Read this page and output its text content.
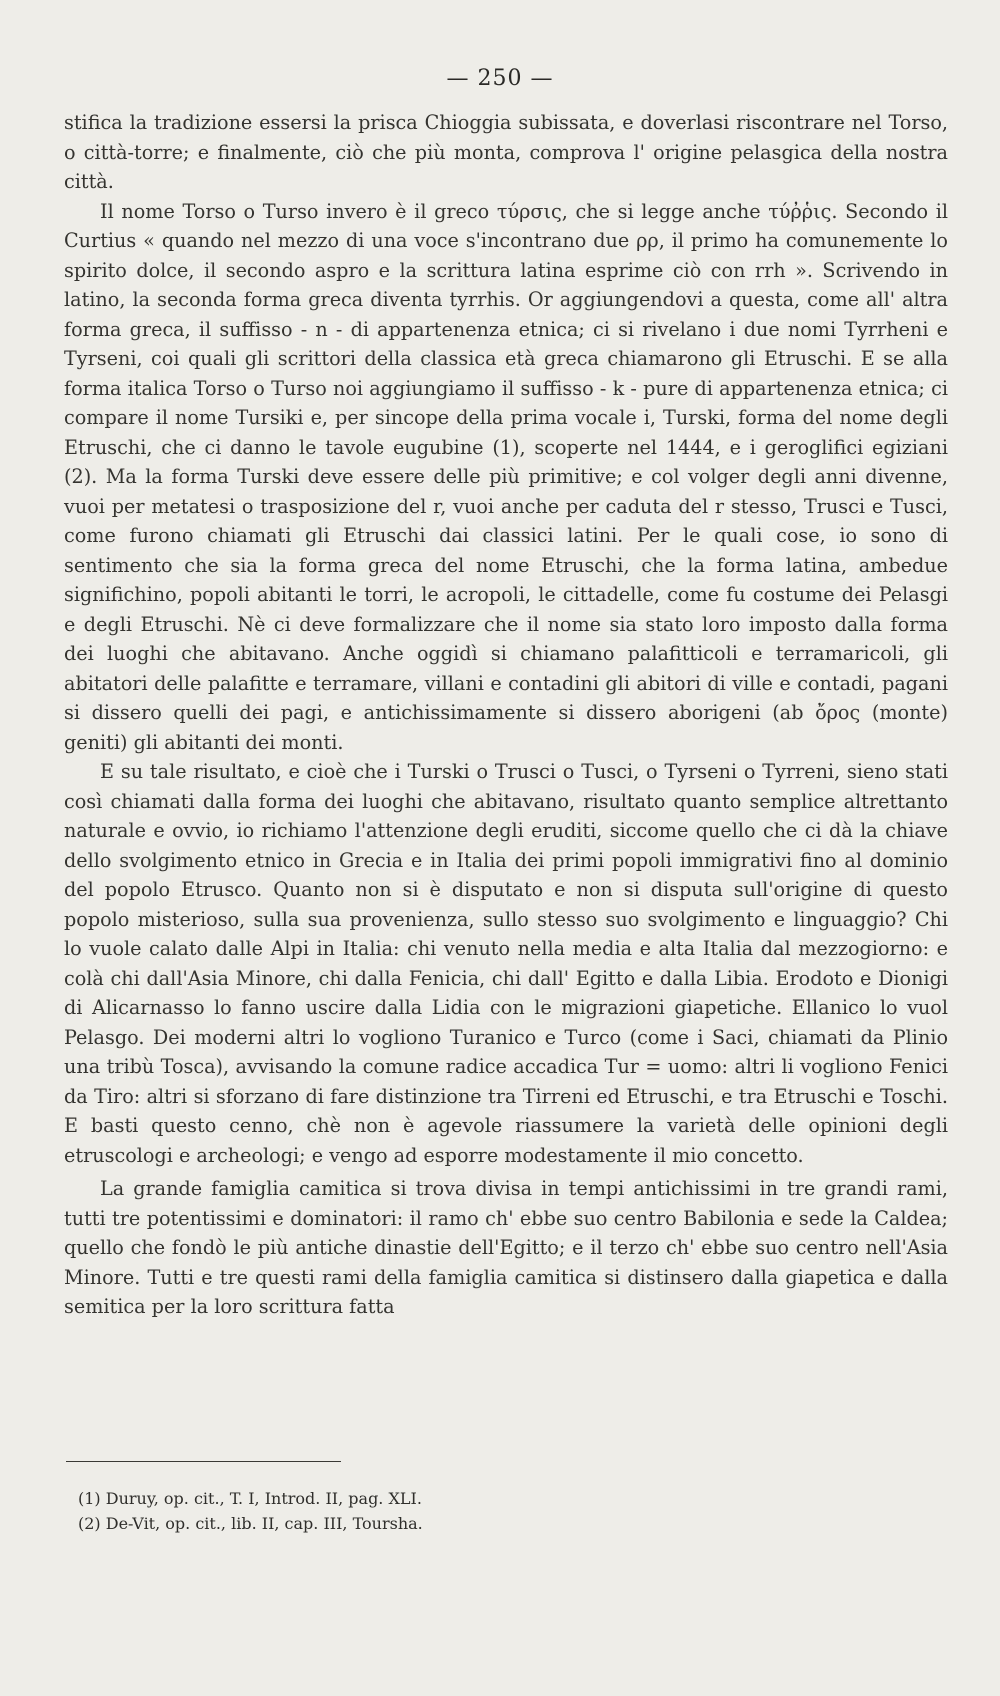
— 250 —

stifica la tradizione essersi la prisca Chioggia subissata, e doverlasi riscontrare nel Torso, o città-torre; e finalmente, ciò che più monta, comprova l' origine pelasgica della nostra città.

Il nome Torso o Turso invero è il greco τύρσις, che si legge anche τύῤῥις. Secondo il Curtius « quando nel mezzo di una voce s'incontrano due ρρ, il primo ha comunemente lo spirito dolce, il secondo aspro e la scrittura latina esprime ciò con rrh ». Scrivendo in latino, la seconda forma greca diventa tyrrhis. Or aggiungendovi a questa, come all' altra forma greca, il suffisso - n - di appartenenza etnica; ci si rivelano i due nomi Tyrrheni e Tyrseni, coi quali gli scrittori della classica età greca chiamarono gli Etruschi. E se alla forma italica Torso o Turso noi aggiungiamo il suffisso - k - pure di appartenenza etnica; ci compare il nome Tursiki e, per sincope della prima vocale i, Turski, forma del nome degli Etruschi, che ci danno le tavole eugubine (1), scoperte nel 1444, e i geroglifici egiziani (2). Ma la forma Turski deve essere delle più primitive; e col volger degli anni divenne, vuoi per metatesi o trasposizione del r, vuoi anche per caduta del r stesso, Trusci e Tusci, come furono chiamati gli Etruschi dai classici latini. Per le quali cose, io sono di sentimento che sia la forma greca del nome Etruschi, che la forma latina, ambedue significhino, popoli abitanti le torri, le acropoli, le cittadelle, come fu costume dei Pelasgi e degli Etruschi. Nè ci deve formalizzare che il nome sia stato loro imposto dalla forma dei luoghi che abitavano. Anche oggidì si chiamano palafitticoli e terramaricoli, gli abitatori delle palafitte e terramare, villani e contadini gli abitori di ville e contadi, pagani si dissero quelli dei pagi, e antichissimamente si dissero aborigeni (ab ὄρος (monte) geniti) gli abitanti dei monti.

E su tale risultato, e cioè che i Turski o Trusci o Tusci, o Tyrseni o Tyrreni, sieno stati così chiamati dalla forma dei luoghi che abitavano, risultato quanto semplice altrettanto naturale e ovvio, io richiamo l'attenzione degli eruditi, siccome quello che ci dà la chiave dello svolgimento etnico in Grecia e in Italia dei primi popoli immigrativi fino al dominio del popolo Etrusco. Quanto non si è disputato e non si disputa sull'origine di questo popolo misterioso, sulla sua provenienza, sullo stesso suo svolgimento e linguaggio? Chi lo vuole calato dalle Alpi in Italia: chi venuto nella media e alta Italia dal mezzogiorno: e colà chi dall'Asia Minore, chi dalla Fenicia, chi dall' Egitto e dalla Libia. Erodoto e Dionigi di Alicarnasso lo fanno uscire dalla Lidia con le migrazioni giapetiche. Ellanico lo vuol Pelasgo. Dei moderni altri lo vogliono Turanico e Turco (come i Saci, chiamati da Plinio una tribù Tosca), avvisando la comune radice accadica Tur = uomo: altri li vogliono Fenici da Tiro: altri si sforzano di fare distinzione tra Tirreni ed Etruschi, e tra Etruschi e Toschi. E basti questo cenno, chè non è agevole riassumere la varietà delle opinioni degli etruscologi e archeologi; e vengo ad esporre modestamente il mio concetto.

La grande famiglia camitica si trova divisa in tempi antichissimi in tre grandi rami, tutti tre potentissimi e dominatori: il ramo ch' ebbe suo centro Babilonia e sede la Caldea; quello che fondò le più antiche dinastie dell'Egitto; e il terzo ch' ebbe suo centro nell'Asia Minore. Tutti e tre questi rami della famiglia camitica si distinsero dalla giapetica e dalla semitica per la loro scrittura fatta

(1) Duruy, op. cit., T. I, Introd. II, pag. XLI.
(2) De-Vit, op. cit., lib. II, cap. III, Toursha.
